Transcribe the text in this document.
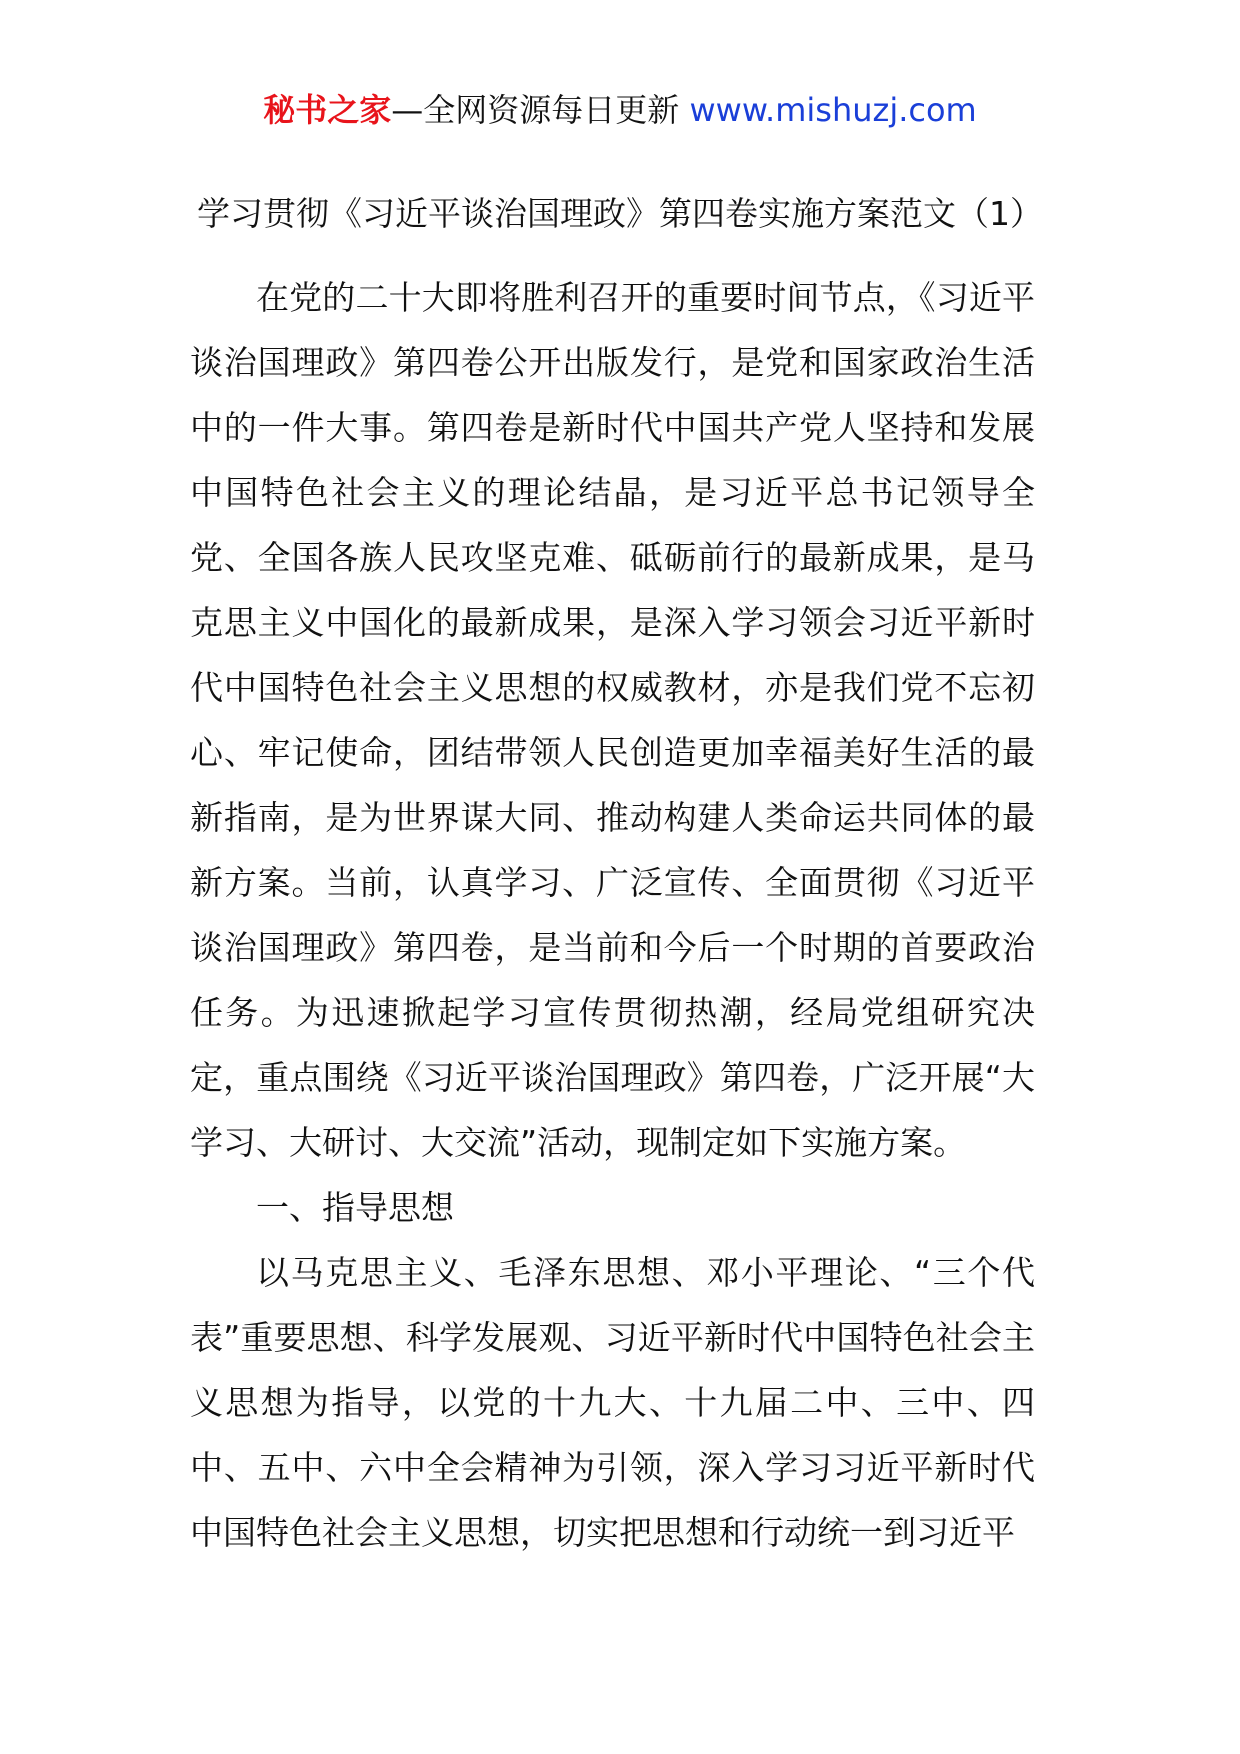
秘书之家—全网资源每日更新 www.mishuzj.com
学习贯彻《习近平谈治国理政》第四卷实施方案范文（1）

在党的二十大即将胜利召开的重要时间节点，《习近平谈治国理政》第四卷公开出版发行，是党和国家政治生活中的一件大事。第四卷是新时代中国共产党人坚持和发展中国特色社会主义的理论结晶，是习近平总书记领导全党、全国各族人民攻坚克难、砥砺前行的最新成果，是马克思主义中国化的最新成果，是深入学习领会习近平新时代中国特色社会主义思想的权威教材，亦是我们党不忘初心、牢记使命，团结带领人民创造更加幸福美好生活的最新指南，是为世界谋大同、推动构建人类命运共同体的最新方案。当前，认真学习、广泛宣传、全面贯彻《习近平谈治国理政》第四卷，是当前和今后一个时期的首要政治任务。为迅速掀起学习宣传贯彻热潮，经局党组研究决定，重点围绕《习近平谈治国理政》第四卷，广泛开展“大学习、大研讨、大交流”活动，现制定如下实施方案。

一、指导思想

以马克思主义、毛泽东思想、邓小平理论、“三个代表”重要思想、科学发展观、习近平新时代中国特色社会主义思想为指导，以党的十九大、十九届二中、三中、四中、五中、六中全会精神为引领，深入学习习近平新时代中国特色社会主义思想，切实把思想和行动统一到习近平
